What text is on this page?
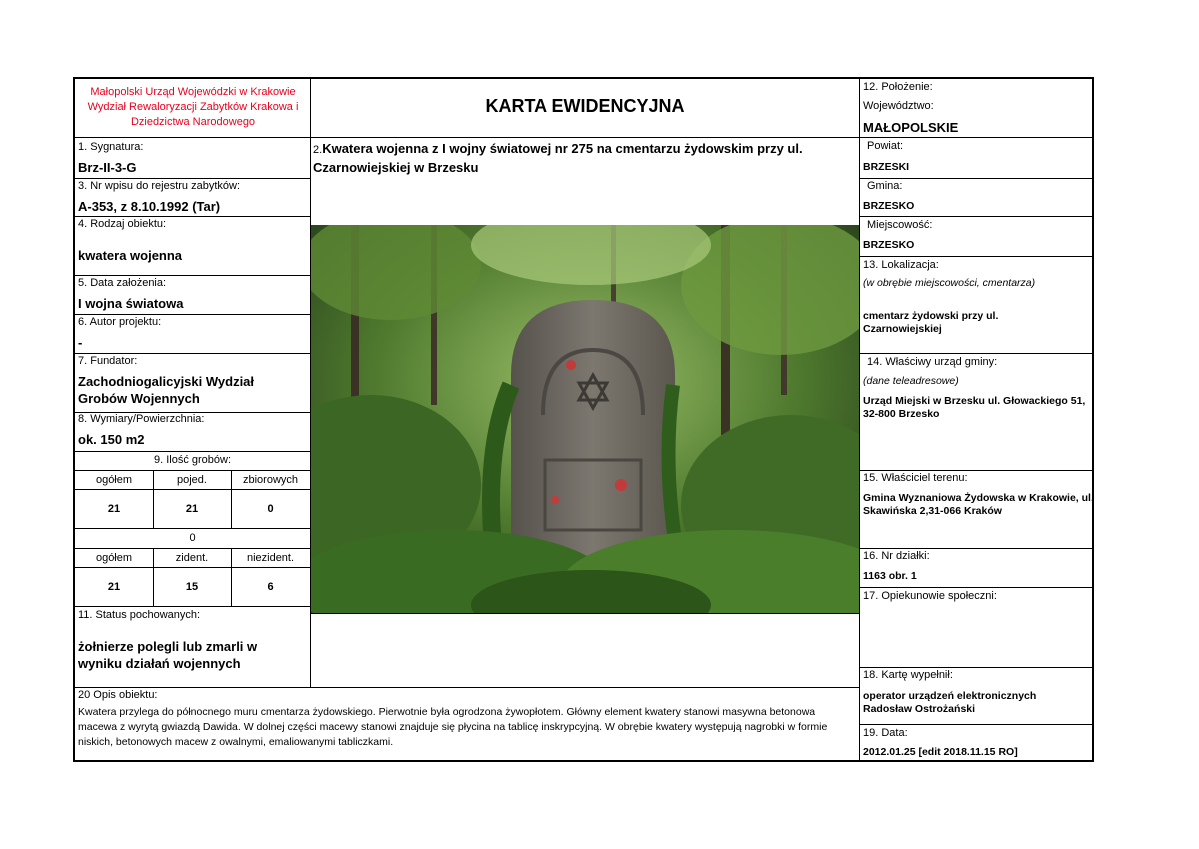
Małopolski Urząd Wojewódzki w Krakowie Wydział Rewaloryzacji Zabytków Krakowa i Dziedzictwa Narodowego
1. Sygnatura:
Brz-II-3-G
3. Nr wpisu do rejestru zabytków:
A-353, z 8.10.1992 (Tar)
4. Rodzaj obiektu:
kwatera wojenna
5. Data założenia:
I wojna światowa
6. Autor projektu:
-
7. Fundator:
Zachodniogalicyjski Wydział Grobów Wojennych
8. Wymiary/Powierzchnia:
ok. 150 m2
9. Ilość grobów:
ogółem	pojed.	zbiorowych
21	21	0
0
ogółem	zident.	niezident.
21	15	6
11. Status pochowanych:
żołnierze polegli lub zmarli w wyniku działań wojennych
KARTA EWIDENCYJNA
2.Kwatera wojenna z I wojny światowej nr 275 na cmentarzu żydowskim przy ul. Czarnowiejskiej w Brzesku
12. Położenie:
Województwo:
MAŁOPOLSKIE
Powiat:
BRZESKI
Gmina:
BRZESKO
Miejscowość:
BRZESKO
13. Lokalizacja:
(w obrębie miejscowości, cmentarza)
cmentarz żydowski przy ul. Czarnowiejskiej
14. Właściwy urząd gminy:
(dane teleadresowe)
Urząd Miejski w Brzesku ul. Głowackiego 51, 32-800 Brzesko
15. Właściciel terenu:
Gmina Wyznaniowa Żydowska w Krakowie, ul. Skawińska 2,31-066 Kraków
16. Nr działki:
1163 obr. 1
17. Opiekunowie społeczni:
18. Kartę wypełnił:
operator urządzeń elektronicznych Radosław Ostrożański
19. Data:
2012.01.25 [edit 2018.11.15 RO]
20 Opis obiektu:
Kwatera przylega do północnego muru cmentarza żydowskiego. Pierwotnie była ogrodzona żywopłotem. Główny element kwatery stanowi masywna betonowa macewa z wyrytą gwiazdą Dawida. W dolnej części macewy stanowi znajduje się płycina na tablicę inskrypcyjną. W obrębie kwatery występują nagrobki w formie niskich, betonowych macew z owalnymi, emaliowanymi tabliczkami.
